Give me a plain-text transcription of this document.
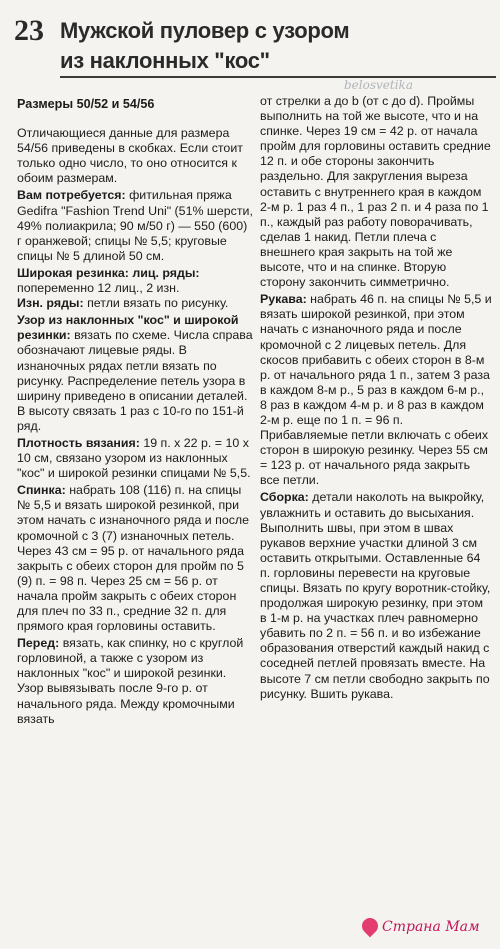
23 Мужской пуловер с узором
из наклонных "кос"
belosvetika

Размеры 50/52 и 54/56

Отличающиеся данные для размера 54/56 приведены в скобках. Если стоит только одно число, то оно относится к обоим размерам.

Вам потребуется: фитильная пряжа Gedifra "Fashion Trend Uni" (51% шерсти, 49% полиакрила; 90 м/50 г) — 550 (600) г оранжевой; спицы № 5,5; круговые спицы № 5 длиной 50 см.

Широкая резинка: лиц. ряды: попеременно 12 лиц., 2 изн.

Изн. ряды: петли вязать по рисунку.

Узор из наклонных "кос" и широкой резинки: вязать по схеме. Числа справа обозначают лицевые ряды. В изнаночных рядах петли вязать по рисунку. Распределение петель узора в ширину приведено в описании деталей. В высоту связать 1 раз с 10-го по 151-й ряд.

Плотность вязания: 19 п. х 22 р. = 10 х 10 см, связано узором из наклонных "кос" и широкой резинки спицами № 5,5.

Спинка: набрать 108 (116) п. на спицы № 5,5 и вязать широкой резинкой, при этом начать с изнаночного ряда и после кромочной с 3 (7) изнаночных петель. Через 43 см = 95 р. от начального ряда закрыть с обеих сторон для пройм по 5 (9) п. = 98 п. Через 25 см = 56 р. от начала пройм закрыть с обеих сторон для плеч по 33 п., средние 32 п. для прямого края горловины оставить.

Перед: вязать, как спинку, но с круглой горловиной, а также с узором из наклонных "кос" и широкой резинки. Узор вывязывать после 9-го р. от начального ряда. Между кромочными вязать

от стрелки a до b (от c до d). Проймы выполнить на той же высоте, что и на спинке. Через 19 см = 42 р. от начала пройм для горловины оставить средние 12 п. и обе стороны закончить раздельно. Для закругления выреза оставить с внутреннего края в каждом 2-м р. 1 раз 4 п., 1 раз 2 п. и 4 раза по 1 п., каждый раз работу поворачивать, сделав 1 накид. Петли плеча с внешнего края закрыть на той же высоте, что и на спинке. Вторую сторону закончить симметрично.

Рукава: набрать 46 п. на спицы № 5,5 и вязать широкой резинкой, при этом начать с изнаночного ряда и после кромочной с 2 лицевых петель. Для скосов прибавить с обеих сторон в 8-м р. от начального ряда 1 п., затем 3 раза в каждом 8-м р., 5 раз в каждом 6-м р., 8 раз в каждом 4-м р. и 8 раз в каждом 2-м р. еще по 1 п. = 96 п. Прибавляемые петли включать с обеих сторон в широкую резинку. Через 55 см = 123 р. от начального ряда закрыть все петли.

Сборка: детали наколоть на выкройку, увлажнить и оставить до высыхания. Выполнить швы, при этом в швах рукавов верхние участки длиной 3 см оставить открытыми. Оставленные 64 п. горловины перевести на круговые спицы. Вязать по кругу воротник-стойку, продолжая широкую резинку, при этом в 1-м р. на участках плеч равномерно убавить по 2 п. = 56 п. и во избежание образования отверстий каждый накид с соседней петлей провязать вместе. На высоте 7 см петли свободно закрыть по рисунку. Вшить рукава.

Страна Мам
